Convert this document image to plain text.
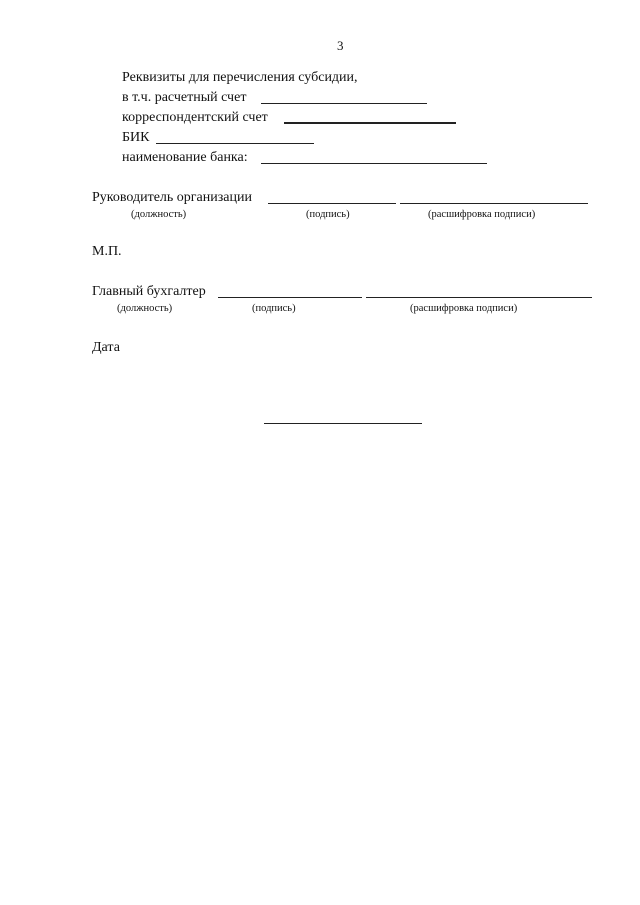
3
Реквизиты для перечисления субсидии,
в т.ч. расчетный счет
корреспондентский счет
БИК
наименование банка:
Руководитель организации
(должность)	(подпись)	(расшифровка подписи)
М.П.
Главный бухгалтер
(должность)	(подпись)	(расшифровка подписи)
Дата
